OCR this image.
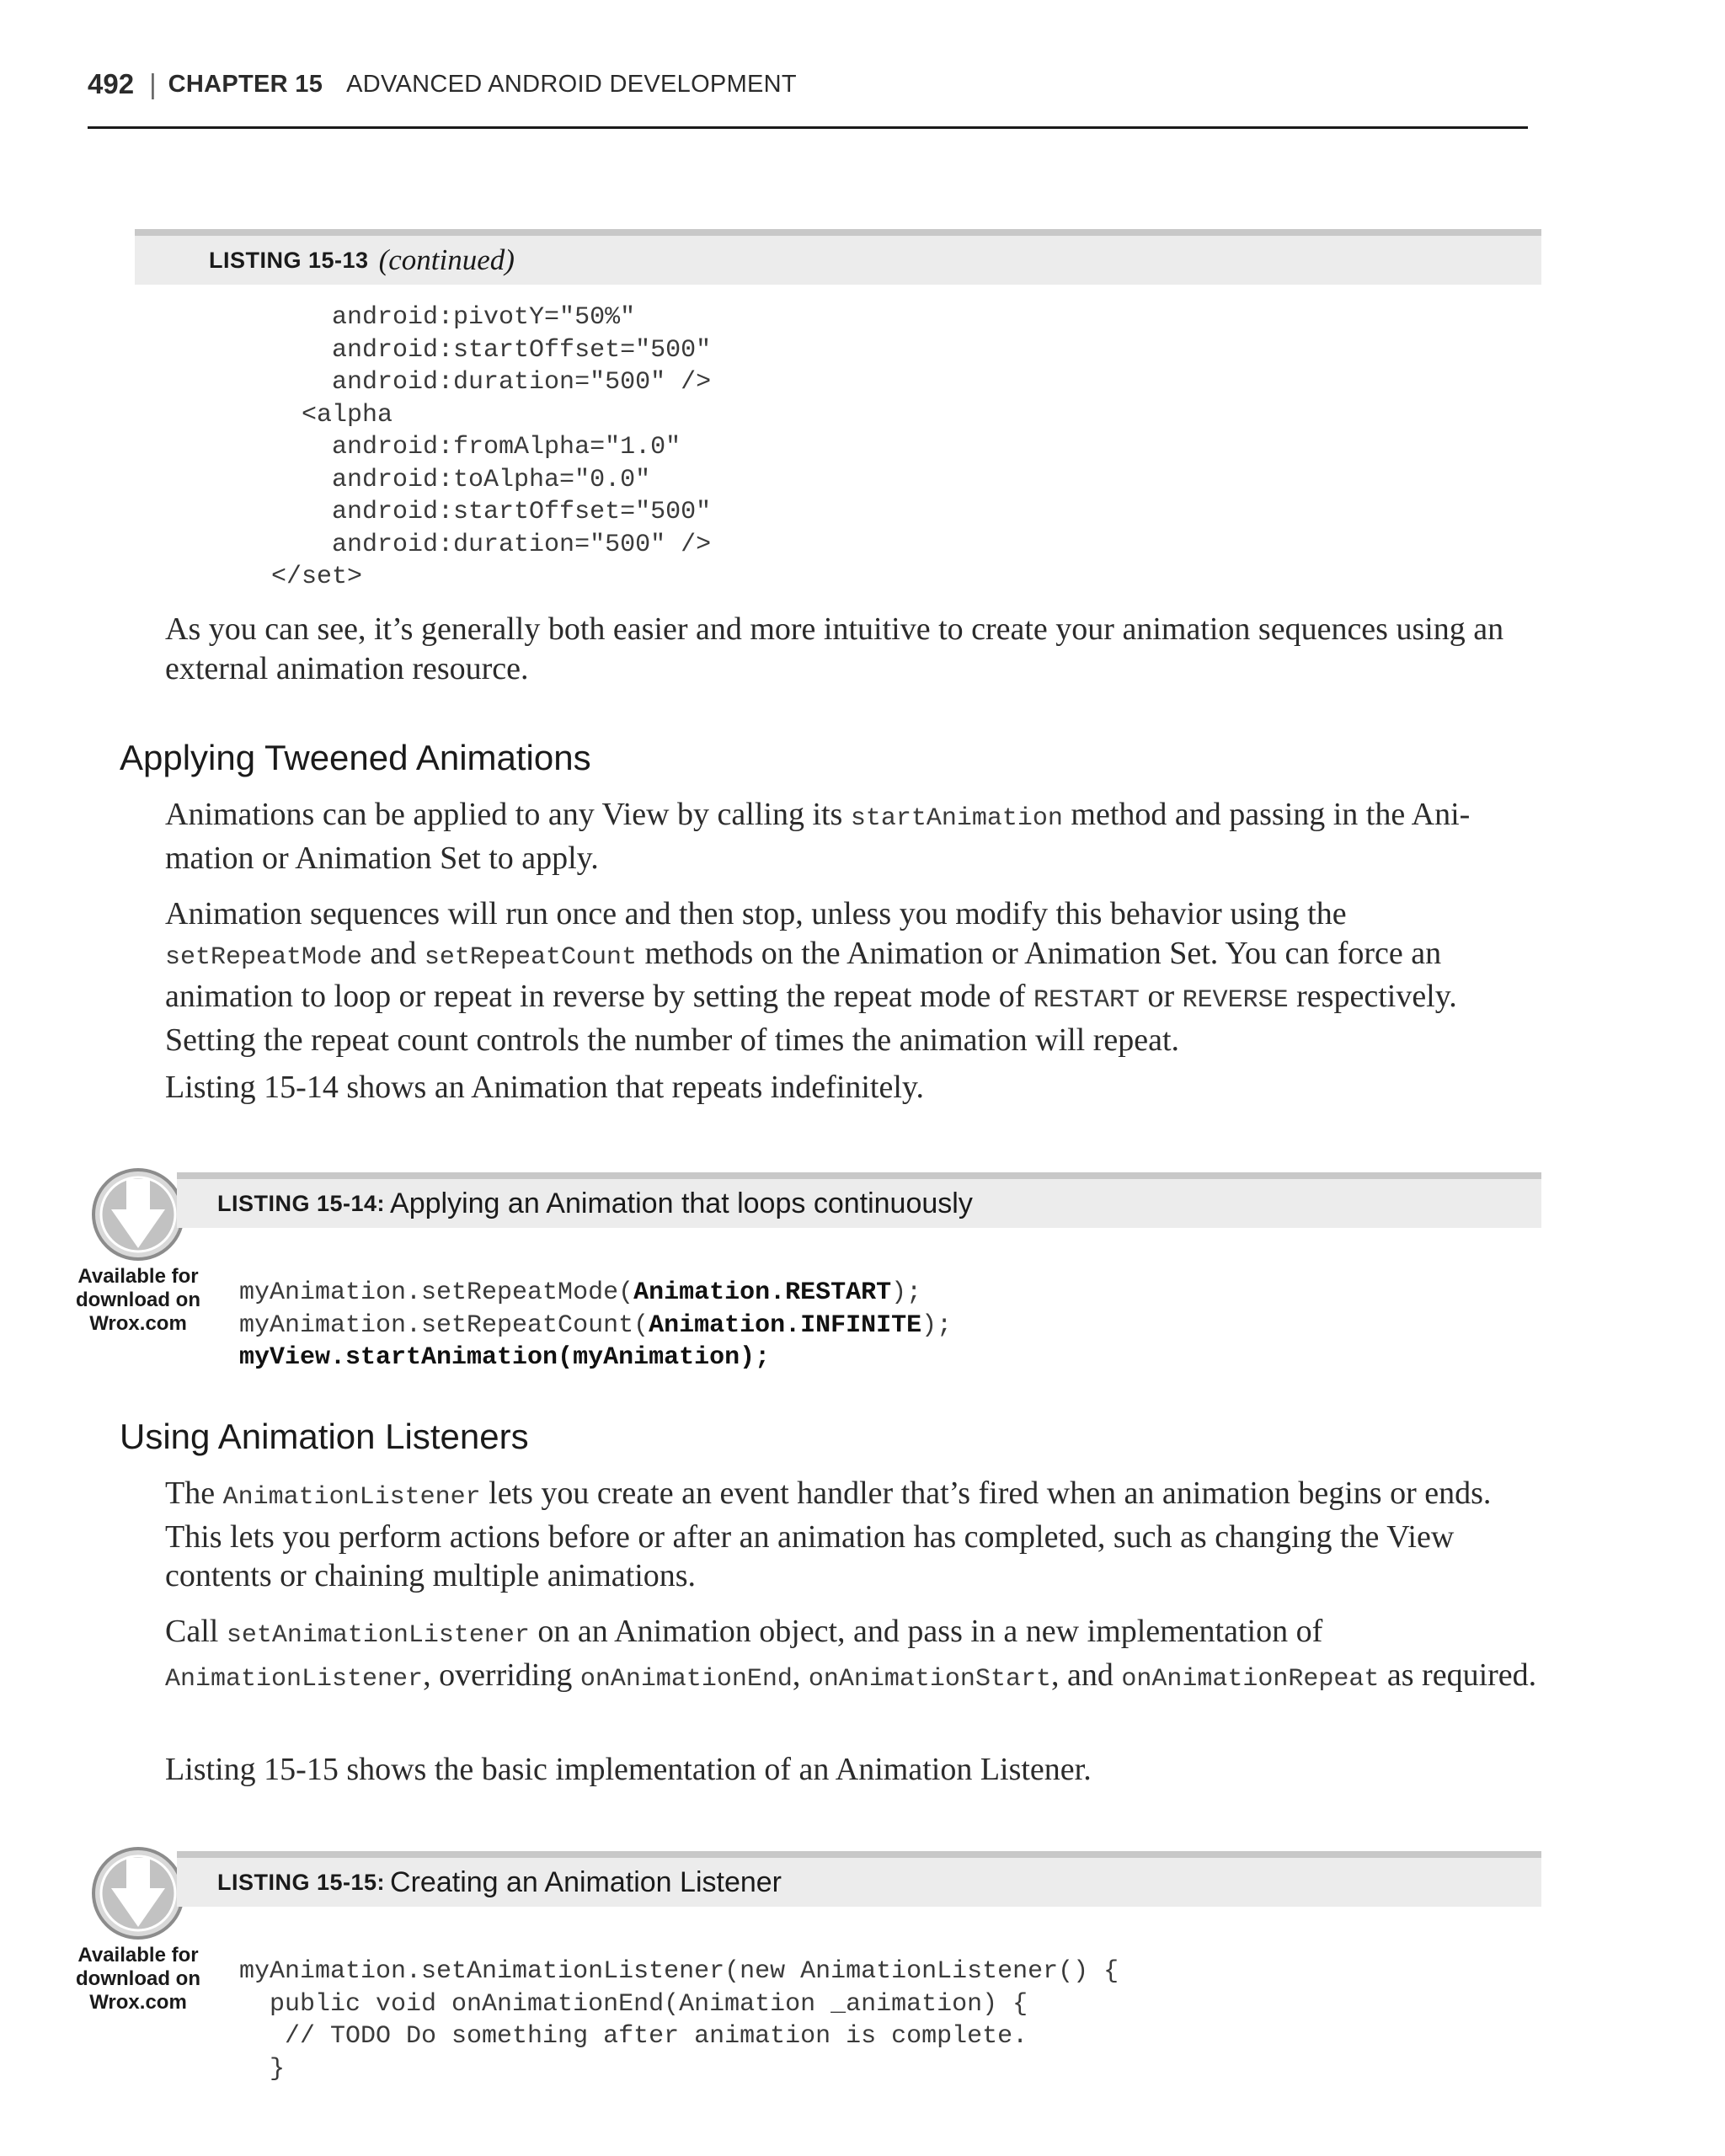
492 | CHAPTER 15 ADVANCED ANDROID DEVELOPMENT
LISTING 15-13 (continued)
android:pivotY="50%"
android:startOffset="500"
android:duration="500" />
<alpha
android:fromAlpha="1.0"
android:toAlpha="0.0"
android:startOffset="500"
android:duration="500" />
</set>

As you can see, it’s generally both easier and more intuitive to create your animation sequences using an external animation resource.

Applying Tweened Animations

Animations can be applied to any View by calling its startAnimation method and passing in the Ani-mation or Animation Set to apply.

Animation sequences will run once and then stop, unless you modify this behavior using the setRepeatMode and setRepeatCount methods on the Animation or Animation Set. You can force an animation to loop or repeat in reverse by setting the repeat mode of RESTART or REVERSE respectively. Setting the repeat count controls the number of times the animation will repeat.

Listing 15-14 shows an Animation that repeats indefinitely.

Available for
download on
Wrox.com
LISTING 15-14: Applying an Animation that loops continuously
myAnimation.setRepeatMode(Animation.RESTART);
myAnimation.setRepeatCount(Animation.INFINITE);
myView.startAnimation(myAnimation);
Using Animation Listeners

The AnimationListener lets you create an event handler that’s fired when an animation begins or ends. This lets you perform actions before or after an animation has completed, such as changing the View contents or chaining multiple animations.

Call setAnimationListener on an Animation object, and pass in a new implementation of AnimationListener, overriding onAnimationEnd, onAnimationStart, and onAnimationRepeat as required.

Listing 15-15 shows the basic implementation of an Animation Listener.

Available for
download on
Wrox.com
LISTING 15-15: Creating an Animation Listener
myAnimation.setAnimationListener(new AnimationListener() {
public void onAnimationEnd(Animation _animation) {
// TODO Do something after animation is complete.
}
